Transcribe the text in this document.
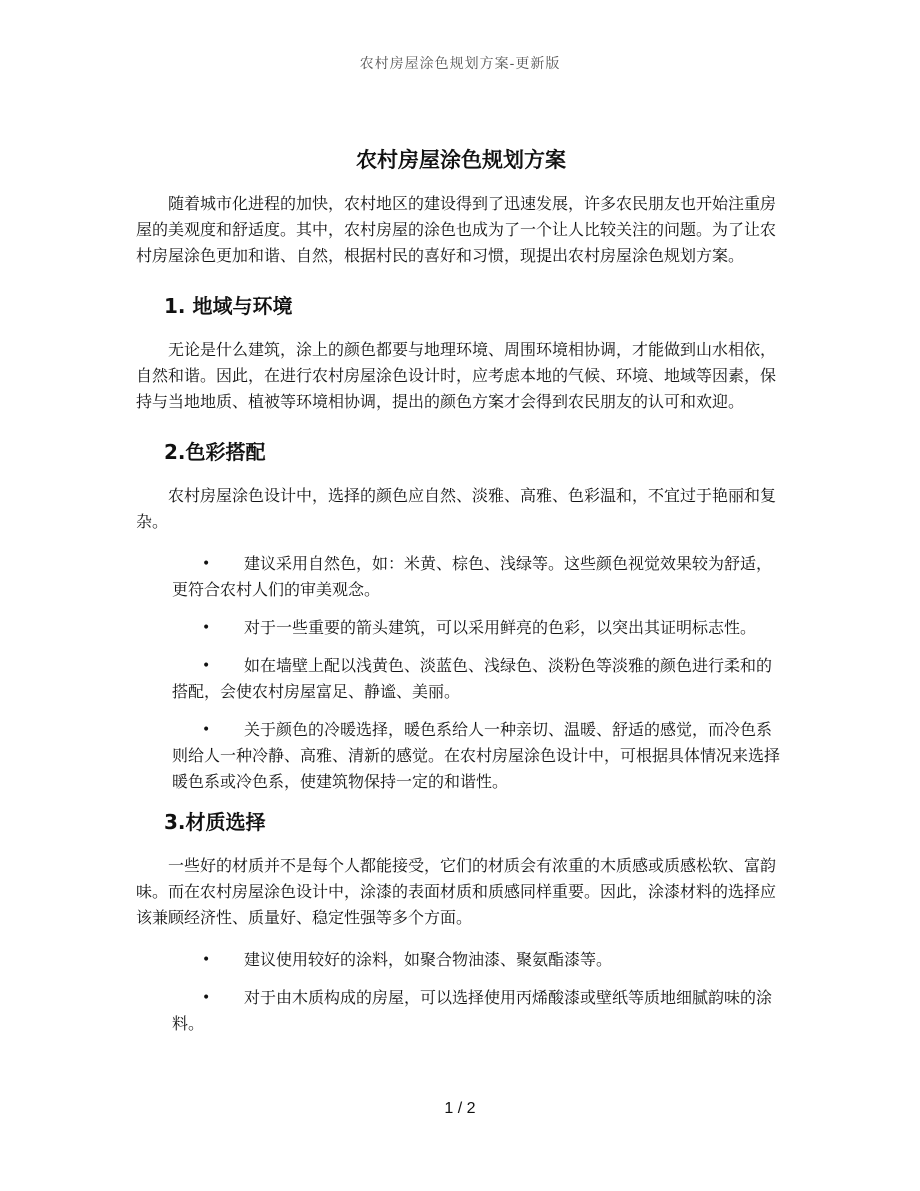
农村房屋涂色规划方案-更新版
农村房屋涂色规划方案

随着城市化进程的加快，农村地区的建设得到了迅速发展，许多农民朋友也开始注重房屋的美观度和舒适度。其中，农村房屋的涂色也成为了一个让人比较关注的问题。为了让农村房屋涂色更加和谐、自然，根据村民的喜好和习惯，现提出农村房屋涂色规划方案。

1. 地域与环境

无论是什么建筑，涂上的颜色都要与地理环境、周围环境相协调，才能做到山水相依，自然和谐。因此，在进行农村房屋涂色设计时，应考虑本地的气候、环境、地域等因素，保持与当地地质、植被等环境相协调，提出的颜色方案才会得到农民朋友的认可和欢迎。

2.色彩搭配

农村房屋涂色设计中，选择的颜色应自然、淡雅、高雅、色彩温和，不宜过于艳丽和复杂。

• 建议采用自然色，如：米黄、棕色、浅绿等。这些颜色视觉效果较为舒适，更符合农村人们的审美观念。
• 对于一些重要的箭头建筑，可以采用鲜亮的色彩，以突出其证明标志性。
• 如在墙壁上配以浅黄色、淡蓝色、浅绿色、淡粉色等淡雅的颜色进行柔和的搭配，会使农村房屋富足、静谧、美丽。
• 关于颜色的冷暖选择，暖色系给人一种亲切、温暖、舒适的感觉，而冷色系则给人一种冷静、高雅、清新的感觉。在农村房屋涂色设计中，可根据具体情况来选择暖色系或冷色系，使建筑物保持一定的和谐性。
3.材质选择

一些好的材质并不是每个人都能接受，它们的材质会有浓重的木质感或质感松软、富韵味。而在农村房屋涂色设计中，涂漆的表面材质和质感同样重要。因此，涂漆材料的选择应该兼顾经济性、质量好、稳定性强等多个方面。

• 建议使用较好的涂料，如聚合物油漆、聚氨酯漆等。
• 对于由木质构成的房屋，可以选择使用丙烯酸漆或壁纸等质地细腻韵味的涂料。
1 / 2
